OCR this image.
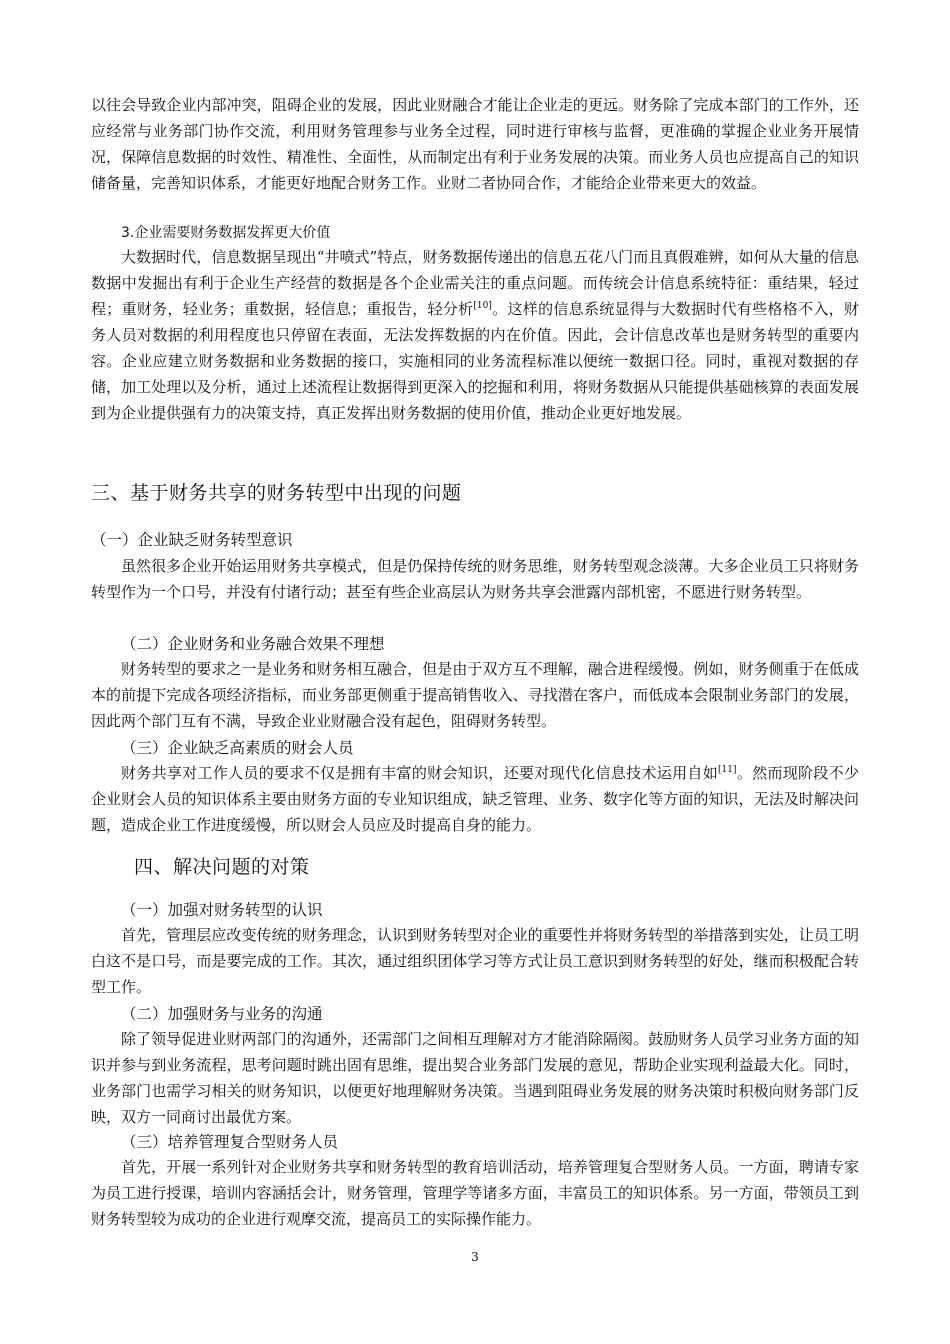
以往会导致企业内部冲突，阻碍企业的发展，因此业财融合才能让企业走的更远。财务除了完成本部门的工作外，还应经常与业务部门协作交流，利用财务管理参与业务全过程，同时进行审核与监督，更准确的掌握企业业务开展情况，保障信息数据的时效性、精准性、全面性，从而制定出有利于业务发展的决策。而业务人员也应提高自己的知识储备量，完善知识体系，才能更好地配合财务工作。业财二者协同合作，才能给企业带来更大的效益。

3.企业需要财务数据发挥更大价值

大数据时代，信息数据呈现出“井喷式”特点，财务数据传递出的信息五花八门而且真假难辨，如何从大量的信息数据中发掘出有利于企业生产经营的数据是各个企业需关注的重点问题。而传统会计信息系统特征：重结果，轻过程；重财务，轻业务；重数据，轻信息；重报告，轻分析[10]。这样的信息系统显得与大数据时代有些格格不入，财务人员对数据的利用程度也只停留在表面，无法发挥数据的内在价值。因此，会计信息改革也是财务转型的重要内容。企业应建立财务数据和业务数据的接口，实施相同的业务流程标准以便统一数据口径。同时，重视对数据的存储，加工处理以及分析，通过上述流程让数据得到更深入的挖掘和利用，将财务数据从只能提供基础核算的表面发展到为企业提供强有力的决策支持，真正发挥出财务数据的使用价值，推动企业更好地发展。

三、基于财务共享的财务转型中出现的问题
（一）企业缺乏财务转型意识

虽然很多企业开始运用财务共享模式，但是仍保持传统的财务思维，财务转型观念淡薄。大多企业员工只将财务转型作为一个口号，并没有付诸行动；甚至有些企业高层认为财务共享会泄露内部机密，不愿进行财务转型。

（二）企业财务和业务融合效果不理想

财务转型的要求之一是业务和财务相互融合，但是由于双方互不理解，融合进程缓慢。例如，财务侧重于在低成本的前提下完成各项经济指标，而业务部更侧重于提高销售收入、寻找潜在客户，而低成本会限制业务部门的发展，因此两个部门互有不满，导致企业业财融合没有起色，阻碍财务转型。

（三）企业缺乏高素质的财会人员

财务共享对工作人员的要求不仅是拥有丰富的财会知识，还要对现代化信息技术运用自如[11]。然而现阶段不少企业财会人员的知识体系主要由财务方面的专业知识组成，缺乏管理、业务、数字化等方面的知识，无法及时解决问题，造成企业工作进度缓慢，所以财会人员应及时提高自身的能力。

四、解决问题的对策
（一）加强对财务转型的认识

首先，管理层应改变传统的财务理念，认识到财务转型对企业的重要性并将财务转型的举措落到实处，让员工明白这不是口号，而是要完成的工作。其次，通过组织团体学习等方式让员工意识到财务转型的好处，继而积极配合转型工作。

（二）加强财务与业务的沟通

除了领导促进业财两部门的沟通外，还需部门之间相互理解对方才能消除隔阂。鼓励财务人员学习业务方面的知识并参与到业务流程，思考问题时跳出固有思维，提出契合业务部门发展的意见，帮助企业实现利益最大化。同时，业务部门也需学习相关的财务知识，以便更好地理解财务决策。当遇到阻碍业务发展的财务决策时积极向财务部门反映，双方一同商讨出最优方案。

（三）培养管理复合型财务人员

首先，开展一系列针对企业财务共享和财务转型的教育培训活动，培养管理复合型财务人员。一方面，聘请专家为员工进行授课，培训内容涵括会计，财务管理，管理学等诸多方面，丰富员工的知识体系。另一方面，带领员工到财务转型较为成功的企业进行观摩交流，提高员工的实际操作能力。

3
